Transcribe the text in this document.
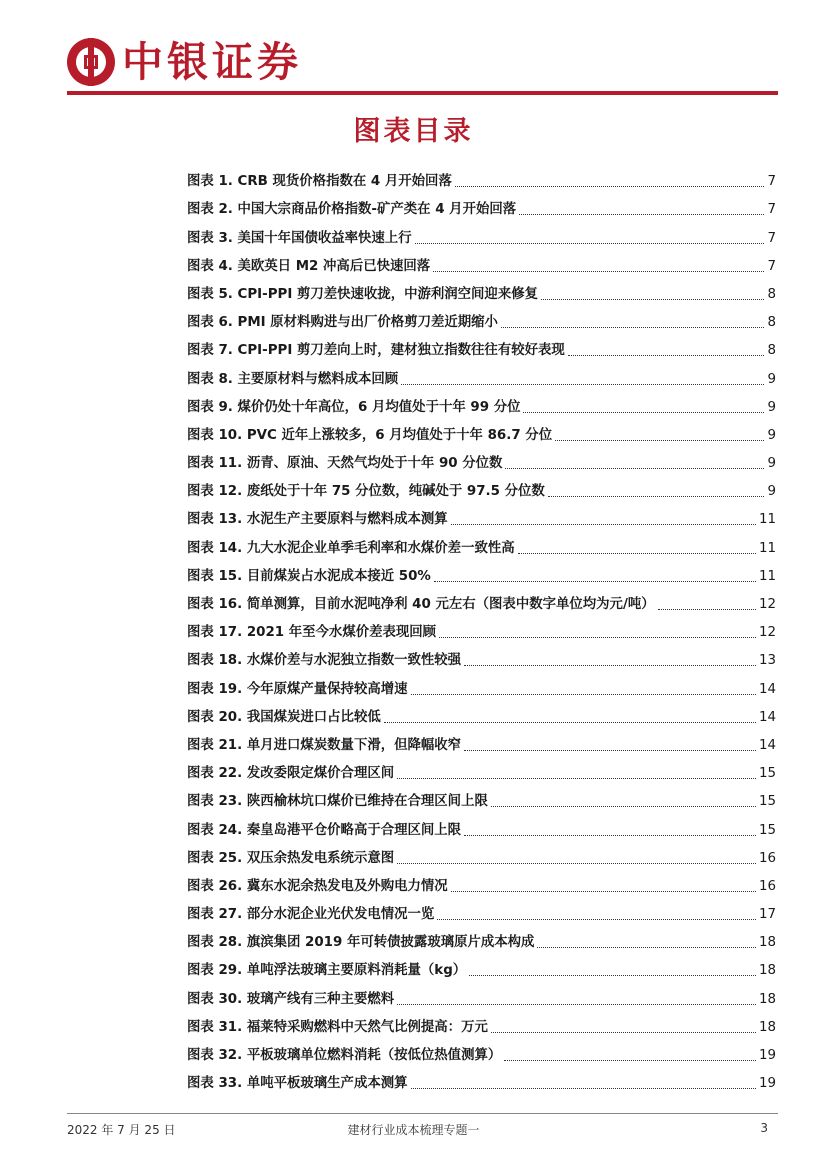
中银证券
图表目录
图表 1. CRB 现货价格指数在 4 月开始回落	7
图表 2. 中国大宗商品价格指数-矿产类在 4 月开始回落	7
图表 3. 美国十年国债收益率快速上行	7
图表 4. 美欧英日 M2 冲高后已快速回落	7
图表 5. CPI-PPI 剪刀差快速收拢，中游利润空间迎来修复	8
图表 6. PMI 原材料购进与出厂价格剪刀差近期缩小	8
图表 7. CPI-PPI 剪刀差向上时，建材独立指数往往有较好表现	8
图表 8. 主要原材料与燃料成本回顾	9
图表 9. 煤价仍处十年高位，6 月均值处于十年 99 分位	9
图表 10. PVC 近年上涨较多，6 月均值处于十年 86.7 分位	9
图表 11. 沥青、原油、天然气均处于十年 90 分位数	9
图表 12. 废纸处于十年 75 分位数，纯碱处于 97.5 分位数	9
图表 13. 水泥生产主要原料与燃料成本测算	11
图表 14. 九大水泥企业单季毛利率和水煤价差一致性高	11
图表 15. 目前煤炭占水泥成本接近 50%	11
图表 16. 简单测算，目前水泥吨净利 40 元左右（图表中数字单位均为元/吨）	12
图表 17. 2021 年至今水煤价差表现回顾	12
图表 18. 水煤价差与水泥独立指数一致性较强	13
图表 19. 今年原煤产量保持较高增速	14
图表 20. 我国煤炭进口占比较低	14
图表 21. 单月进口煤炭数量下滑，但降幅收窄	14
图表 22. 发改委限定煤价合理区间	15
图表 23. 陕西榆林坑口煤价已维持在合理区间上限	15
图表 24. 秦皇岛港平仓价略高于合理区间上限	15
图表 25. 双压余热发电系统示意图	16
图表 26. 冀东水泥余热发电及外购电力情况	16
图表 27. 部分水泥企业光伏发电情况一览	17
图表 28. 旗滨集团 2019 年可转债披露玻璃原片成本构成	18
图表 29. 单吨浮法玻璃主要原料消耗量（kg）	18
图表 30. 玻璃产线有三种主要燃料	18
图表 31. 福莱特采购燃料中天然气比例提高：万元	18
图表 32. 平板玻璃单位燃料消耗（按低位热值测算）	19
图表 33. 单吨平板玻璃生产成本测算	19
2022 年 7 月 25 日	建材行业成本梳理专题一	3
